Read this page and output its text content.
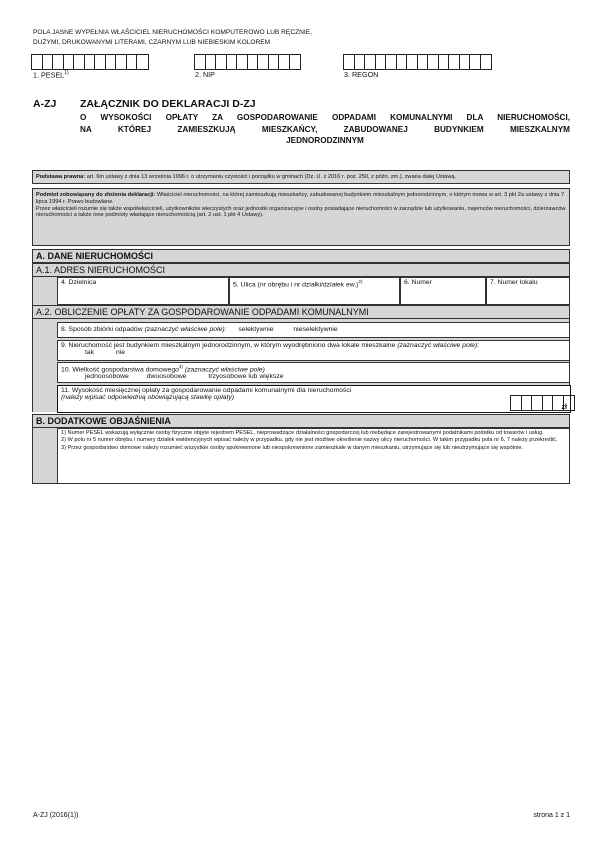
POLA JASNE WYPEŁNIA WŁAŚCICIEL NIERUCHOMOŚCI KOMPUTEROWO LUB RĘCZNIE,
DUŻYMI, DRUKOWANYMI LITERAMI, CZARNYM LUB NIEBIESKIM KOLOREM
1. PESEL$^{1)}$	2. NIP	3. REGON
A-ZJ ZAŁĄCZNIK DO DEKLARACJI D-ZJ
O WYSOKOŚCI OPŁATY ZA GOSPODAROWANIE ODPADAMI KOMUNALNYMI DLA NIERUCHOMOŚCI,
NA KTÓREJ ZAMIESZKUJĄ MIESZKAŃCY, ZABUDOWANEJ BUDYNKIEM MIESZKALNYM
JEDNORODZINNYM
Podstawa prawna: art. 6m ustawy z dnia 13 września 1996 r. o utrzymaniu czystości i porządku w gminach (Dz. U. z 2016 r. poz. 250, z późn. zm.), zwana dalej Ustawą.
Podmiot zobowiązany do złożenia deklaracji: Właściciel nieruchomości, na której zamieszkują mieszkańcy, zabudowanej budynkiem mieszkalnym jednorodzinnym, o którym mowa w art. 3 pkt 2a ustawy z dnia 7 lipca 1994 r. Prawo budowlane.
Przez właścicieli rozumie się także współwłaścicieli, użytkowników wieczystych oraz jednostki organizacyjne i osoby posiadające nieruchomości w zarządzie lub użytkowaniu, najemców nieruchomości, dzierżawców nieruchomości a także inne podmioty władające nieruchomością (art. 2 ust. 1 pkt 4 Ustawy).
A. DANE NIERUCHOMOŚCI
A.1. ADRES NIERUCHOMOŚCI
4. Dzielnica	5. Ulica (nr obrębu i nr działki/działek ew.)$^{2)}$	6. Numer	7. Numer lokalu
A.2. OBLICZENIE OPŁATY ZA GOSPODAROWANIE ODPADAMI KOMUNALNYMI
8. Sposób zbiórki odpadów (zaznaczyć właściwe pole): selektywnie	nieselektywnie
9. Nieruchomość jest budynkiem mieszkalnym jednorodzinnym, w którym wyodrębniono dwa lokale mieszkalne (zaznaczyć właściwe pole):
tak	nie
10. Wielkość gospodarstwa domowego$^{3)}$ (zaznaczyć właściwe pole)
jednoosobowe	dwuosobowe	trzyosobowe lub większe
11. Wysokość miesięcznej opłaty za gospodarowanie odpadami komunalnymi dla nieruchomości
(należy wpisać odpowiednią obowiązującą stawkę opłaty)
zł
B. DODATKOWE OBJAŚNIENIA
1) Numer PESEL wskazują wyłącznie osoby fizyczne objęte rejestrem PESEL, nieprowadzące działalności gospodarczej lub niebędące zarejestrowanymi podatnikami podatku od towarów i usług.
2) W polu nr 5 numer obrębu i numery działek ewidencyjnych wpisać należy w przypadku, gdy nie jest możliwe określenie nazwy ulicy nieruchomości. W takim przypadku pola nr 6, 7 należy przekreślić.
3) Przez gospodarstwo domowe należy rozumieć wszystkie osoby spokrewnione lub niespokrewnione zamieszkałe w danym mieszkaniu, utrzymujące się lub nieutrzymujące się wspólnie.
A-ZJ (2016(1))	strona 1 z 1
